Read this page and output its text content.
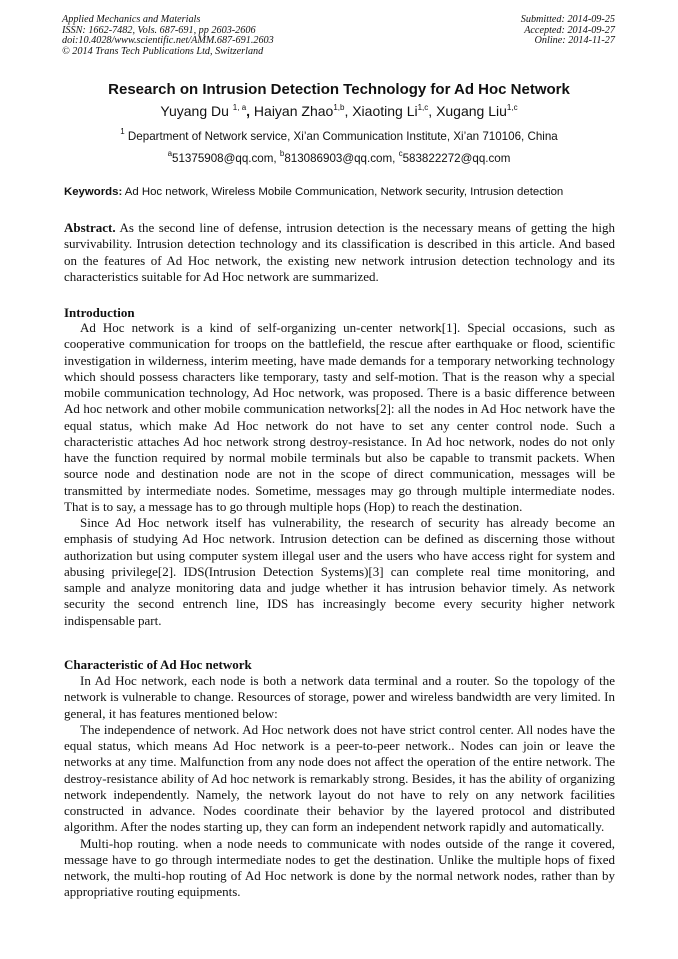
Applied Mechanics and Materials
ISSN: 1662-7482, Vols. 687-691, pp 2603-2606
doi:10.4028/www.scientific.net/AMM.687-691.2603
© 2014 Trans Tech Publications Ltd, Switzerland
Submitted: 2014-09-25
Accepted: 2014-09-27
Online: 2014-11-27
Research on Intrusion Detection Technology for Ad Hoc Network
Yuyang Du $^{1, a}$, Haiyan Zhao$^{1,b}$, Xiaoting Li$^{1,c}$, Xugang Liu$^{1,c}$
$^1$ Department of Network service, Xi’an Communication Institute, Xi’an 710106, China
$^a$51375908@qq.com, $^b$813086903@qq.com, $^c$583822272@qq.com
Keywords: Ad Hoc network, Wireless Mobile Communication, Network security, Intrusion detection

Abstract. As the second line of defense, intrusion detection is the necessary means of getting the high survivability. Intrusion detection technology and its classification is described in this article. And based on the features of Ad Hoc network, the existing new network intrusion detection technology and its characteristics suitable for Ad Hoc network are summarized.

Introduction

Ad Hoc network is a kind of self-organizing un-center network[1]. Special occasions, such as cooperative communication for troops on the battlefield, the rescue after earthquake or flood, scientific investigation in wilderness, interim meeting, have made demands for a temporary networking technology which should possess characters like temporary, tasty and self-motion. That is the reason why a special mobile communication technology, Ad Hoc network, was proposed. There is a basic difference between Ad hoc network and other mobile communication networks[2]: all the nodes in Ad Hoc network have the equal status, which make Ad Hoc network do not have to set any center control node. Such a characteristic attaches Ad hoc network strong destroy-resistance. In Ad hoc network, nodes do not only have the function required by normal mobile terminals but also be capable to transmit packets. When source node and destination node are not in the scope of direct communication, messages will be transmitted by intermediate nodes. Sometime, messages may go through multiple intermediate nodes. That is to say, a message has to go through multiple hops (Hop) to reach the destination.

Since Ad Hoc network itself has vulnerability, the research of security has already become an emphasis of studying Ad Hoc network. Intrusion detection can be defined as discerning those without authorization but using computer system illegal user and the users who have access right for system and abusing privilege[2]. IDS(Intrusion Detection Systems)[3] can complete real time monitoring, and sample and analyze monitoring data and judge whether it has intrusion behavior timely. As network security the second entrench line, IDS has increasingly become every security higher network indispensable part.

Characteristic of Ad Hoc network

In Ad Hoc network, each node is both a network data terminal and a router. So the topology of the network is vulnerable to change. Resources of storage, power and wireless bandwidth are very limited. In general, it has features mentioned below:

The independence of network. Ad Hoc network does not have strict control center. All nodes have the equal status, which means Ad Hoc network is a peer-to-peer network.. Nodes can join or leave the networks at any time. Malfunction from any node does not affect the operation of the entire network. The destroy-resistance ability of Ad hoc network is remarkably strong. Besides, it has the ability of organizing network independently. Namely, the network layout do not have to rely on any network facilities constructed in advance. Nodes coordinate their behavior by the layered protocol and distributed algorithm. After the nodes starting up, they can form an independent network rapidly and automatically.

Multi-hop routing. when a node needs to communicate with nodes outside of the range it covered, message have to go through intermediate nodes to get the destination. Unlike the multiple hops of fixed network, the multi-hop routing of Ad Hoc network is done by the normal network nodes, rather than by appropriative routing equipments.
